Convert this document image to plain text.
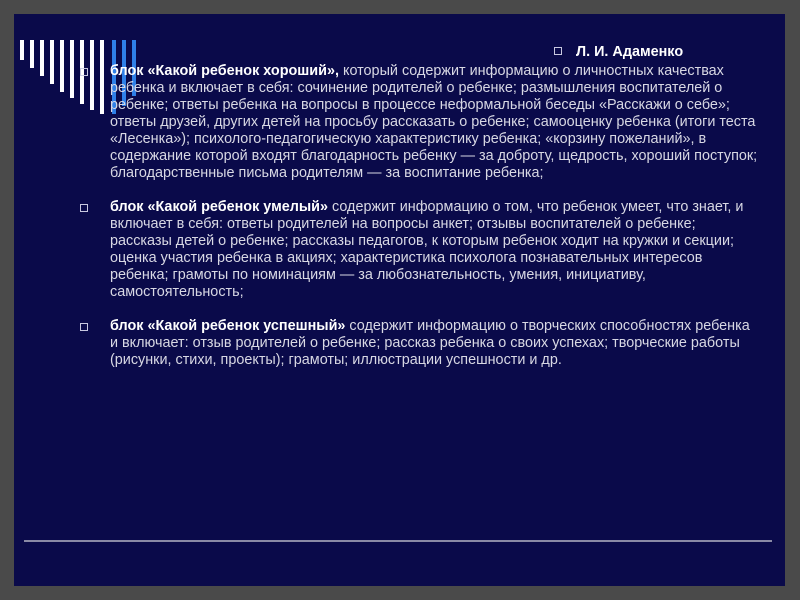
Л. И. Адаменко
блок «Какой ребенок хороший», который содержит информацию о личностных качествах ребенка и включает в себя: сочинение родителей о ребенке; размышления воспитателей о ребенке; ответы ребенка на вопросы в процессе неформальной беседы «Расскажи о себе»; ответы друзей, других детей на просьбу рассказать о ребенке; самооценку ребенка (итоги теста «Лесенка»); психолого-педагогическую характеристику ребенка; «корзину пожеланий», в содержание которой входят благодарность ребенку — за доброту, щедрость, хороший поступок; благодарственные письма родителям — за воспитание ребенка;
блок «Какой ребенок умелый» содержит информацию о том, что ребенок умеет, что знает, и включает в себя: ответы родителей на вопросы анкет; отзывы воспитателей о ребенке; рассказы детей о ребенке; рассказы педагогов, к которым ребенок ходит на кружки и секции; оценка участия ребенка в акциях; характеристика психолога познавательных интересов ребенка; грамоты по номинациям — за любознательность, умения, инициативу, самостоятельность;
блок «Какой ребенок успешный» содержит информацию о творческих способностях ребенка и включает: отзыв родителей о ребенке; рассказ ребенка о своих успехах; творческие работы (рисунки, стихи, проекты); грамоты; иллюстрации успешности и др.
